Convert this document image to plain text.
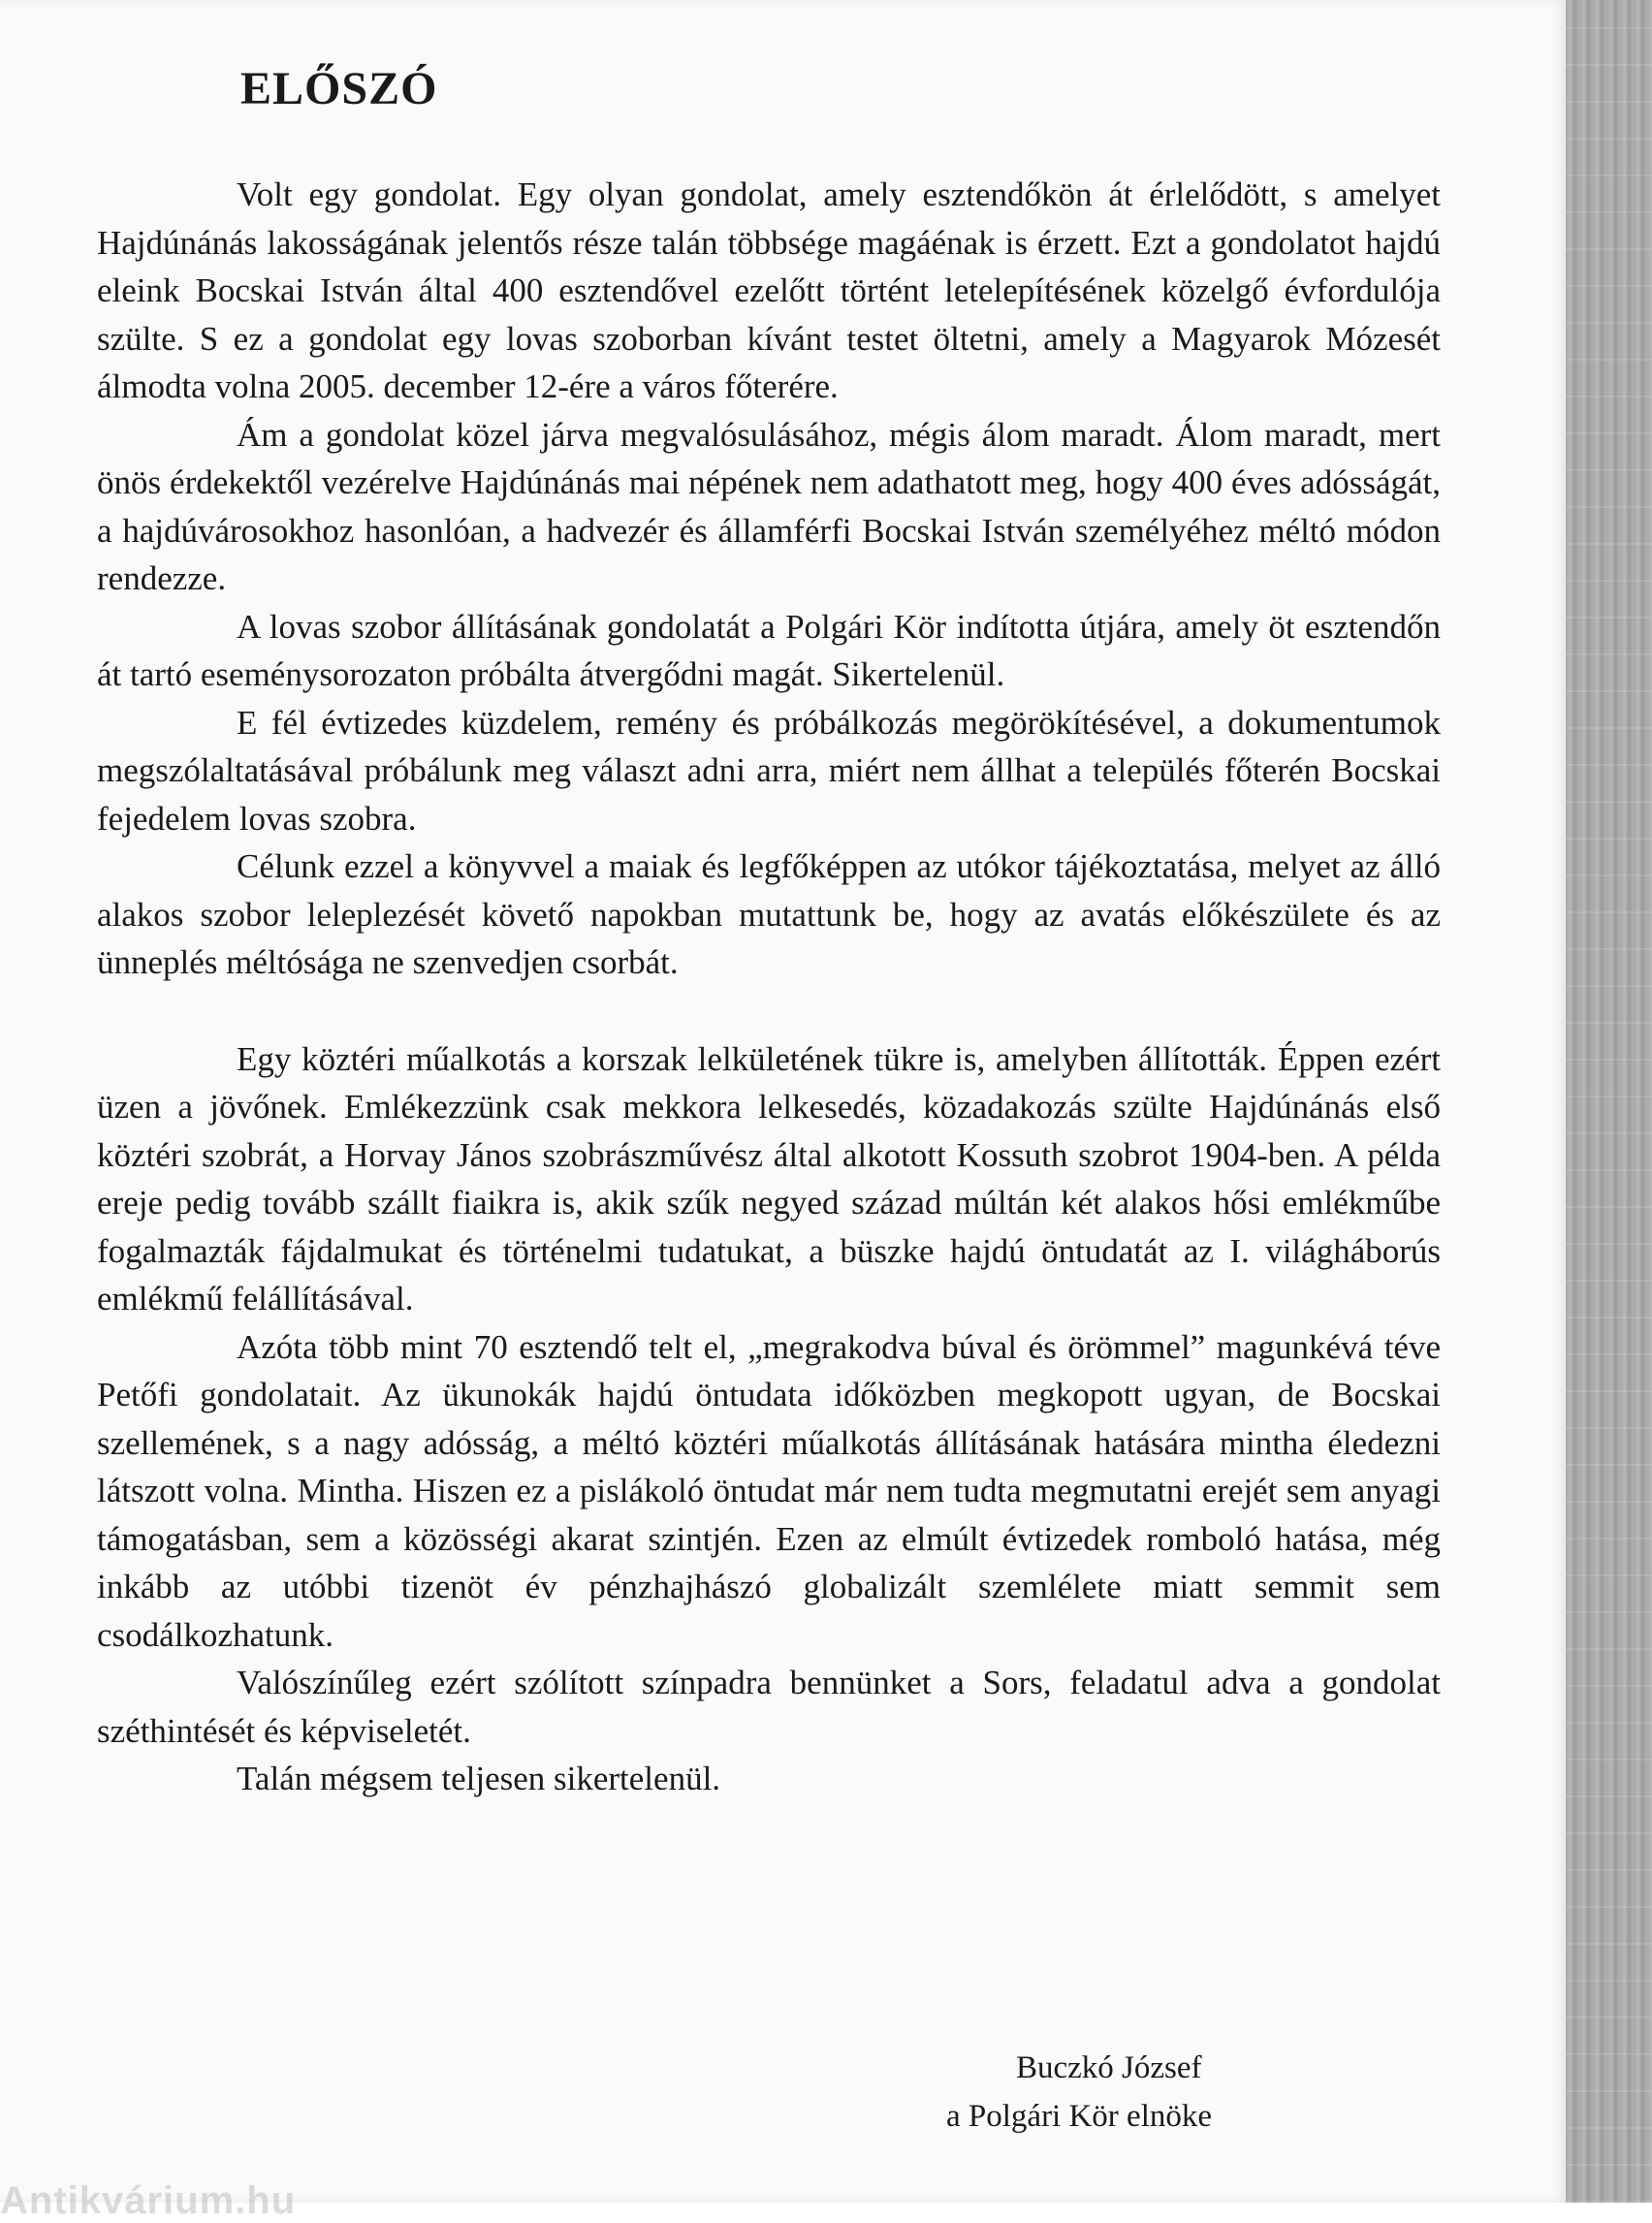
ELŐSZÓ

Volt egy gondolat. Egy olyan gondolat, amely esztendőkön át érlelődött, s amelyet Hajdúnánás lakosságának jelentős része talán többsége magáénak is érzett. Ezt a gondolatot hajdú eleink Bocskai István által 400 esztendővel ezelőtt történt letelepítésének közelgő évfordulója szülte. S ez a gondolat egy lovas szoborban kívánt testet öltetni, amely a Magyarok Mózesét álmodta volna 2005. december 12-ére a város főterére.

Ám a gondolat közel járva megvalósulásához, mégis álom maradt. Álom maradt, mert önös érdekektől vezérelve Hajdúnánás mai népének nem adathatott meg, hogy 400 éves adósságát, a hajdúvárosokhoz hasonlóan, a hadvezér és államférfi Bocskai István személyéhez méltó módon rendezze.

A lovas szobor állításának gondolatát a Polgári Kör indította útjára, amely öt esztendőn át tartó eseménysorozaton próbálta átvergődni magát. Sikertelenül.

E fél évtizedes küzdelem, remény és próbálkozás megörökítésével, a dokumentumok megszólaltatásával próbálunk meg választ adni arra, miért nem állhat a település főterén Bocskai fejedelem lovas szobra.

Célunk ezzel a könyvvel a maiak és legfőképpen az utókor tájékoztatása, melyet az álló alakos szobor leleplezését követő napokban mutattunk be, hogy az avatás előkészülete és az ünneplés méltósága ne szenvedjen csorbát.

Egy köztéri műalkotás a korszak lelkületének tükre is, amelyben állították. Éppen ezért üzen a jövőnek. Emlékezzünk csak mekkora lelkesedés, közadakozás szülte Hajdúnánás első köztéri szobrát, a Horvay János szobrászművész által alkotott Kossuth szobrot 1904-ben. A példa ereje pedig tovább szállt fiaikra is, akik szűk negyed század múltán két alakos hősi emlékműbe fogalmazták fájdalmukat és történelmi tudatukat, a büszke hajdú öntudatát az I. világháborús emlékmű felállításával.

Azóta több mint 70 esztendő telt el, „megrakodva búval és örömmel” magunkévá téve Petőfi gondolatait. Az ükunokák hajdú öntudata időközben megkopott ugyan, de Bocskai szellemének, s a nagy adósság, a méltó köztéri műalkotás állításának hatására mintha éledezni látszott volna. Mintha. Hiszen ez a pislákoló öntudat már nem tudta megmutatni erejét sem anyagi támogatásban, sem a közösségi akarat szintjén. Ezen az elmúlt évtizedek romboló hatása, még inkább az utóbbi tizenöt év pénzhajhászó globalizált szemlélete miatt semmit sem csodálkozhatunk.

Valószínűleg ezért szólított színpadra bennünket a Sors, feladatul adva a gondolat széthintését és képviseletét.

Talán mégsem teljesen sikertelenül.

Buczkó József
a Polgári Kör elnöke
Antikvárium.hu
